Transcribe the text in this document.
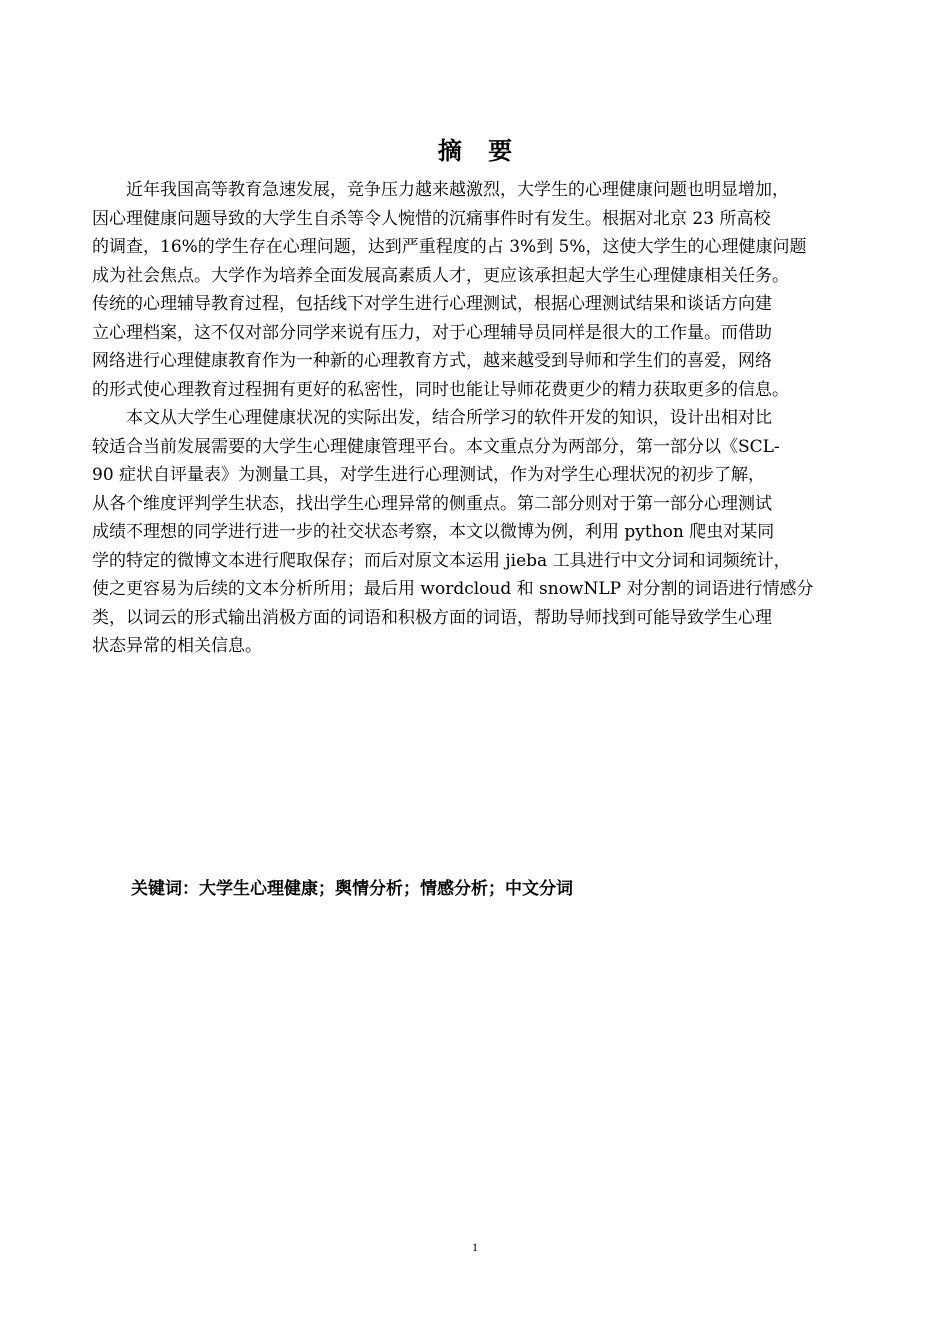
摘 要
　　近年我国高等教育急速发展，竞争压力越来越激烈，大学生的心理健康问题也明显增加，
因心理健康问题导致的大学生自杀等令人惋惜的沉痛事件时有发生。根据对北京 23 所高校
的调查，16%的学生存在心理问题，达到严重程度的占 3%到 5%，这使大学生的心理健康问题
成为社会焦点。大学作为培养全面发展高素质人才，更应该承担起大学生心理健康相关任务。
传统的心理辅导教育过程，包括线下对学生进行心理测试，根据心理测试结果和谈话方向建
立心理档案，这不仅对部分同学来说有压力，对于心理辅导员同样是很大的工作量。而借助
网络进行心理健康教育作为一种新的心理教育方式，越来越受到导师和学生们的喜爱，网络
的形式使心理教育过程拥有更好的私密性，同时也能让导师花费更少的精力获取更多的信息。
　　本文从大学生心理健康状况的实际出发，结合所学习的软件开发的知识，设计出相对比
较适合当前发展需要的大学生心理健康管理平台。本文重点分为两部分，第一部分以《SCL-
90 症状自评量表》为测量工具，对学生进行心理测试，作为对学生心理状况的初步了解，
从各个维度评判学生状态，找出学生心理异常的侧重点。第二部分则对于第一部分心理测试
成绩不理想的同学进行进一步的社交状态考察，本文以微博为例，利用 python 爬虫对某同
学的特定的微博文本进行爬取保存；而后对原文本运用 jieba 工具进行中文分词和词频统计，
使之更容易为后续的文本分析所用；最后用 wordcloud 和 snowNLP 对分割的词语进行情感分
类，以词云的形式输出消极方面的词语和积极方面的词语，帮助导师找到可能导致学生心理
状态异常的相关信息。
关键词：大学生心理健康；舆情分析；情感分析；中文分词
1
